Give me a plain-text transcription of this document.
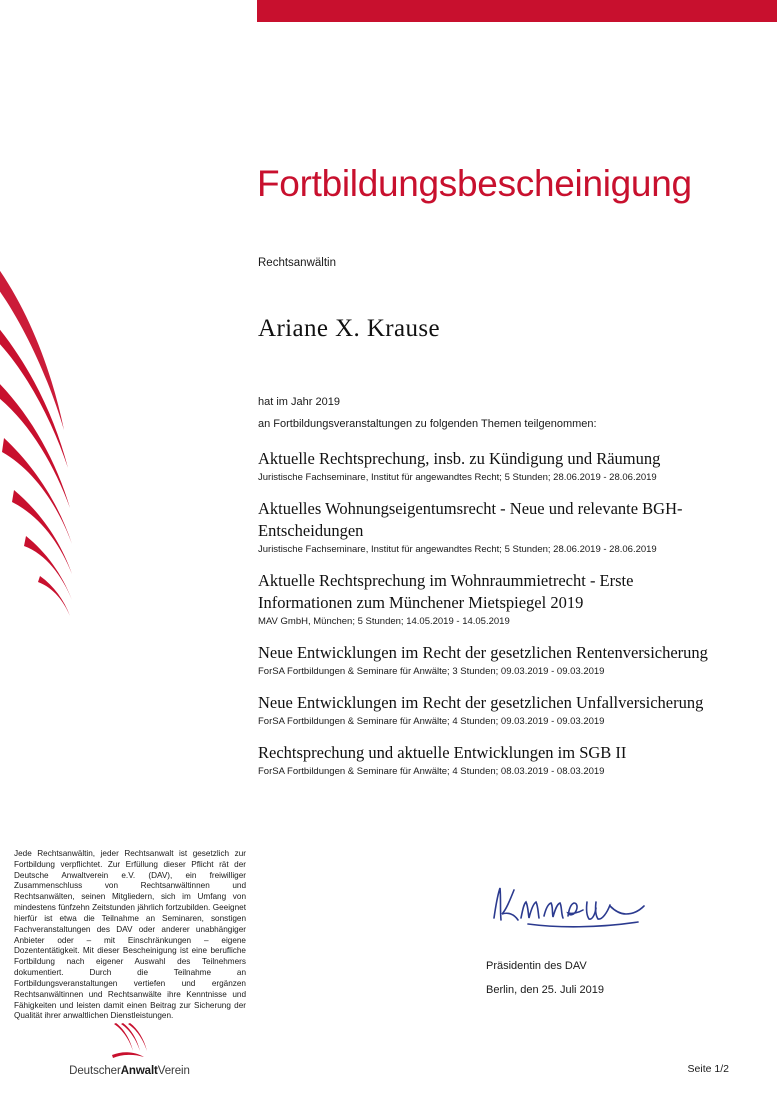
Fortbildungsbescheinigung
Rechtsanwältin
Ariane X. Krause
hat im Jahr 2019
an Fortbildungsveranstaltungen zu folgenden Themen teilgenommen:
Aktuelle Rechtsprechung, insb. zu Kündigung und Räumung
Juristische Fachseminare, Institut für angewandtes Recht; 5 Stunden; 28.06.2019 - 28.06.2019
Aktuelles Wohnungseigentumsrecht - Neue und relevante BGH-Entscheidungen
Juristische Fachseminare, Institut für angewandtes Recht; 5 Stunden; 28.06.2019 - 28.06.2019
Aktuelle Rechtsprechung im Wohnraummietrecht - Erste Informationen zum Münchener Mietspiegel 2019
MAV GmbH, München; 5 Stunden; 14.05.2019 - 14.05.2019
Neue Entwicklungen im Recht der gesetzlichen Rentenversicherung
ForSA Fortbildungen & Seminare für Anwälte; 3 Stunden; 09.03.2019 - 09.03.2019
Neue Entwicklungen im Recht der gesetzlichen Unfallversicherung
ForSA Fortbildungen & Seminare für Anwälte; 4 Stunden; 09.03.2019 - 09.03.2019
Rechtsprechung und aktuelle Entwicklungen im SGB II
ForSA Fortbildungen & Seminare für Anwälte; 4 Stunden; 08.03.2019 - 08.03.2019
Jede Rechtsanwältin, jeder Rechtsanwalt ist gesetzlich zur Fortbildung verpflichtet. Zur Erfüllung dieser Pflicht rät der Deutsche Anwaltverein e.V. (DAV), ein freiwilliger Zusammenschluss von Rechtsanwältinnen und Rechtsanwälten, seinen Mitgliedern, sich im Umfang von mindestens fünfzehn Zeitstunden jährlich fortzubilden. Geeignet hierfür ist etwa die Teilnahme an Seminaren, sonstigen Fachveranstaltungen des DAV oder anderer unabhängiger Anbieter oder – mit Einschränkungen – eigene Dozententätigkeit. Mit dieser Bescheinigung ist eine berufliche Fortbildung nach eigener Auswahl des Teilnehmers dokumentiert. Durch die Teilnahme an Fortbildungsveranstaltungen vertiefen und ergänzen Rechtsanwältinnen und Rechtsanwälte ihre Kenntnisse und Fähigkeiten und leisten damit einen Beitrag zur Sicherung der Qualität ihrer anwaltlichen Dienstleistungen.
Präsidentin des DAV
Berlin, den 25. Juli 2019
DeutscherAnwaltVerein	Seite 1/2
